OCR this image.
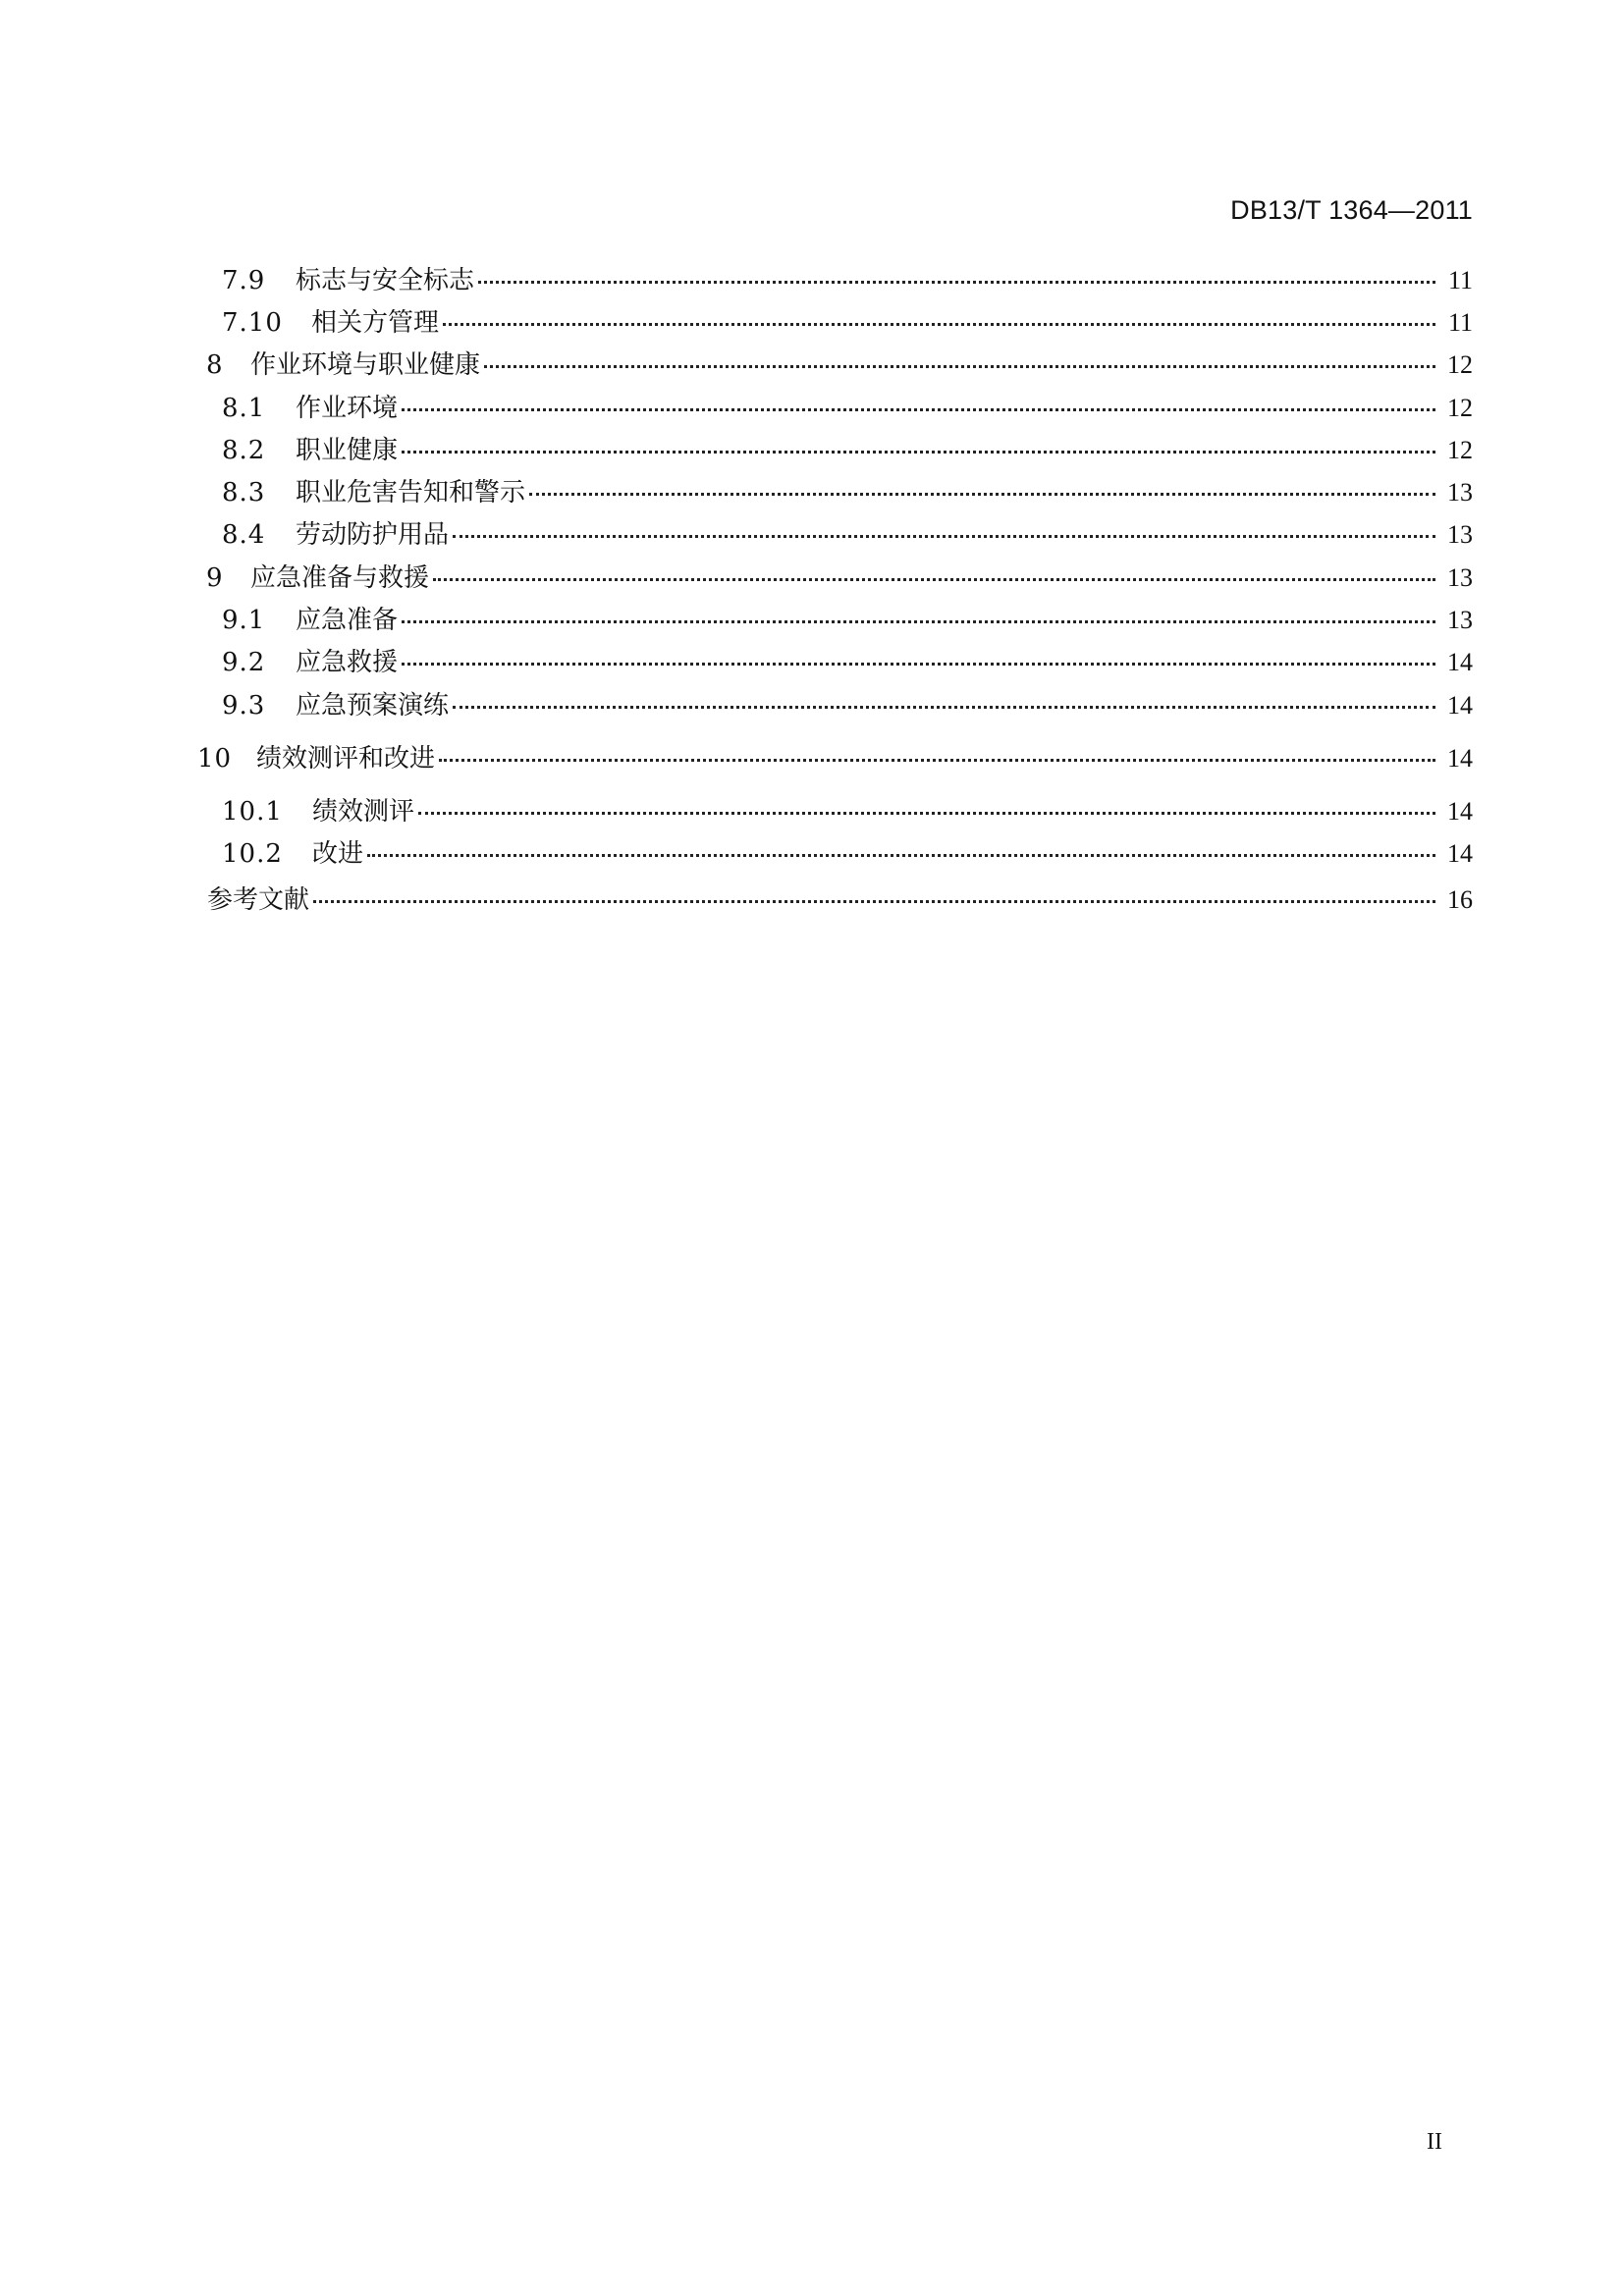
DB13/T 1364—2011
7.9	标志与安全标志	11
7.10	相关方管理	11
8	作业环境与职业健康	12
8.1	作业环境	12
8.2	职业健康	12
8.3	职业危害告知和警示	13
8.4	劳动防护用品	13
9	应急准备与救援	13
9.1	应急准备	13
9.2	应急救援	14
9.3	应急预案演练	14
10 绩效测评和改进	14
10.1	绩效测评	14
10.2	改进	14
参考文献	16
II
